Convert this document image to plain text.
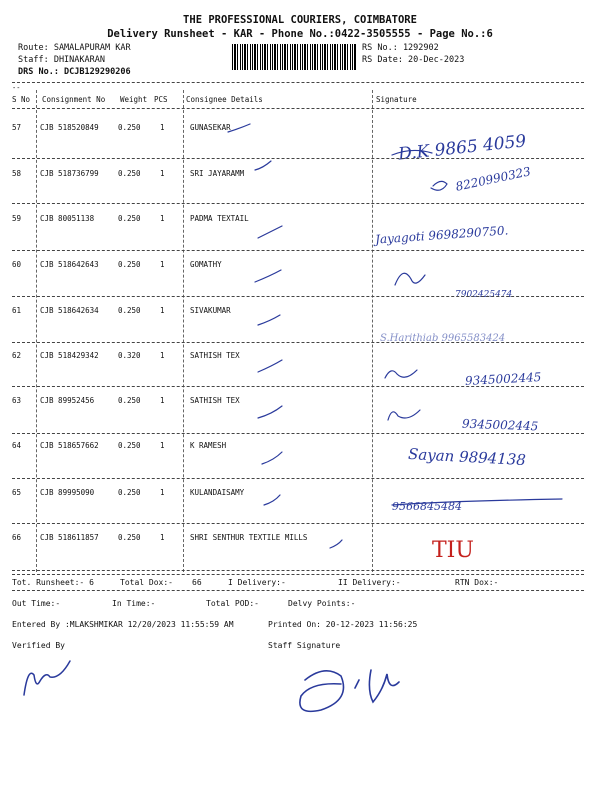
THE PROFESSIONAL COURIERS, COIMBATORE
Delivery Runsheet - KAR - Phone No.:0422-3505555 - Page No.:6
Route: SAMALAPURAM KAR
Staff: DHINAKARAN
DRS No.: DCJB129290206
RS No.: 1292902
RS Date: 20-Dec-2023
--
S No Consignment No Weight PCS Consignee Details	Signature
57	CJB 518520849	0.250	1	GUNASEKAR
D.K 9865 4059
58	CJB 518736799	0.250	1	SRI JAYARAMM	8220990323
59	CJB 80051138	0.250	1	PADMA TEXTAIL
Jayagoti 9698290750.
60	CJB 518642643	0.250	1	GOMATHY
7902425474
61	CJB 518642634	0.250	1	SIVAKUMAR
S.Harithiab 9965583424
62	CJB 518429342	0.320	1	SATHISH TEX
9345002445
63	CJB 89952456	0.250	1	SATHISH TEX
9345002445
64	CJB 518657662	0.250	1	K RAMESH	Sayan 9894138
65	CJB 89995090	0.250	1	KULANDAISAMY
9566845484
66	CJB 518611857	0.250	1	SHRI SENTHUR TEXTILE MILLS
TIU
Tot. Runsheet:- 6	Total Dox:- 66	I Delivery:-	II Delivery:-	RTN Dox:-
Out Time:-	In Time:-	Total POD:-	Delvy Points:-
Entered By :MLAKSHMIKAR 12/20/2023 11:55:59 AM	Printed On: 20-12-2023 11:56:25
Verified By	Staff Signature
